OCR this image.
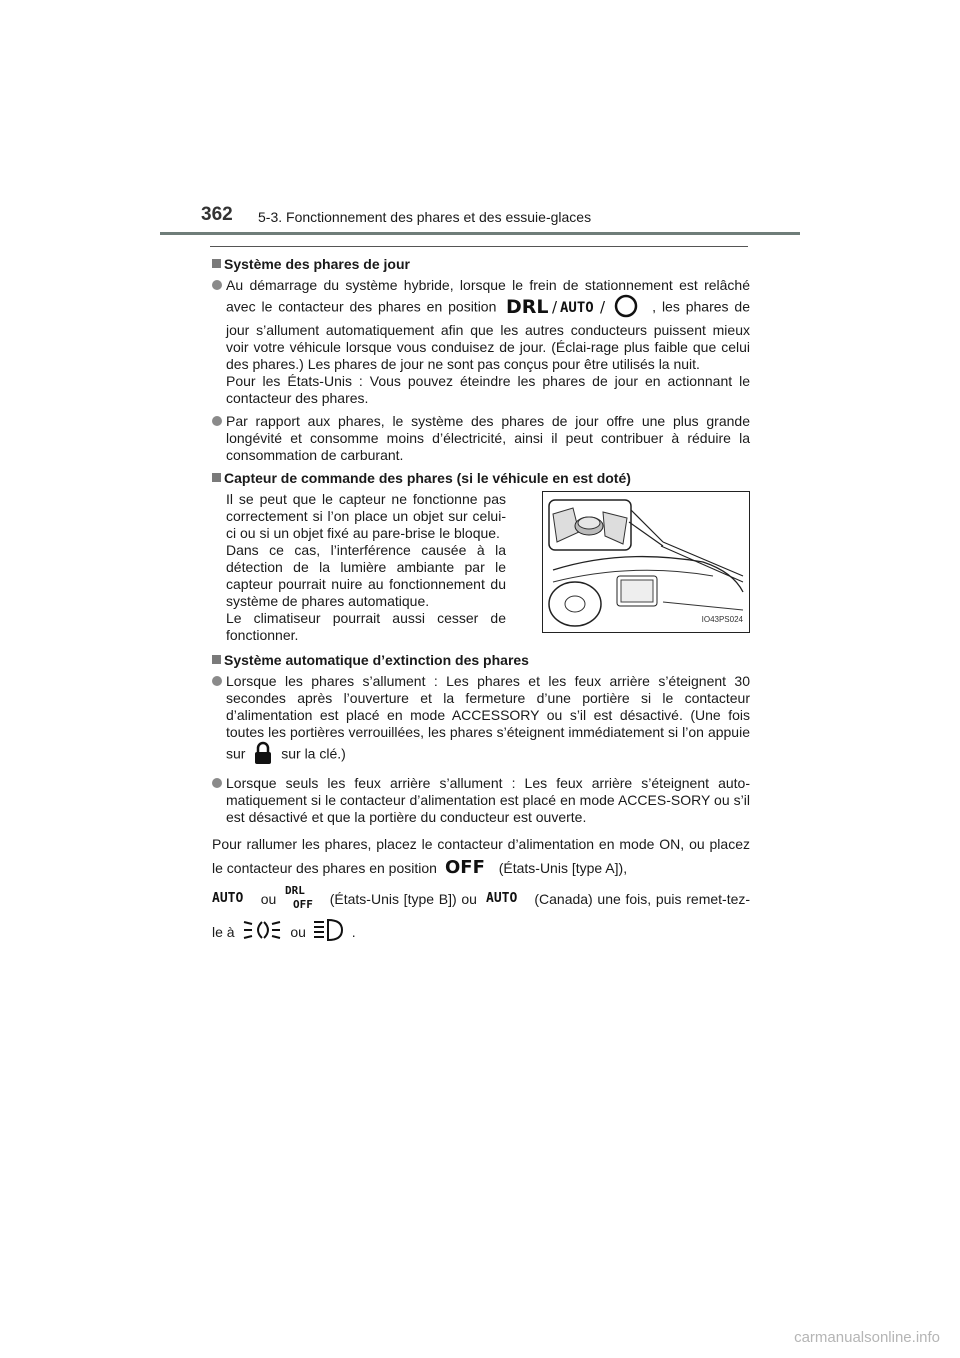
362 5-3. Fonctionnement des phares et des essuie-glaces
Système des phares de jour
Au démarrage du système hybride, lorsque le frein de stationnement est relâché avec le contacteur des phares en position DRL / AUTO /	, les phares de jour s’allument automatiquement afin que les autres conducteurs puissent mieux voir votre véhicule lorsque vous conduisez de jour. (Éclai-rage plus faible que celui des phares.) Les phares de jour ne sont pas conçus pour être utilisés la nuit.
Pour les États-Unis : Vous pouvez éteindre les phares de jour en actionnant le contacteur des phares.
Par rapport aux phares, le système des phares de jour offre une plus grande longévité et consomme moins d’électricité, ainsi il peut contribuer à réduire la consommation de carburant.
Capteur de commande des phares (si le véhicule en est doté)
Il se peut que le capteur ne fonctionne pas correctement si l’on place un objet sur celui-ci ou si un objet fixé au pare-brise le bloque.
Dans ce cas, l’interférence causée à la détection de la lumière ambiante par le capteur pourrait nuire au fonctionnement du système de phares automatique.
Le climatiseur pourrait aussi cesser de fonctionner.
IO43PS024
Système automatique d’extinction des phares
Lorsque les phares s’allument : Les phares et les feux arrière s’éteignent 30 secondes après l’ouverture et la fermeture d’une portière si le contacteur d’alimentation est placé en mode ACCESSORY ou s’il est désactivé. (Une fois toutes les portières verrouillées, les phares s’éteignent immédiatement si l’on appuie sur	sur la clé.)
Lorsque seuls les feux arrière s’allument : Les feux arrière s’éteignent auto-matiquement si le contacteur d’alimentation est placé en mode ACCES-SORY ou s’il est désactivé et que la portière du conducteur est ouverte.
Pour rallumer les phares, placez le contacteur d’alimentation en mode ON, ou placez le contacteur des phares en position OFF (États-Unis [type A]),

AUTO ou
DRL
OFF (États-Unis [type B]) ou AUTO (Canada) une fois, puis remet-tez-le à	ou	.
carmanualsonline.info
